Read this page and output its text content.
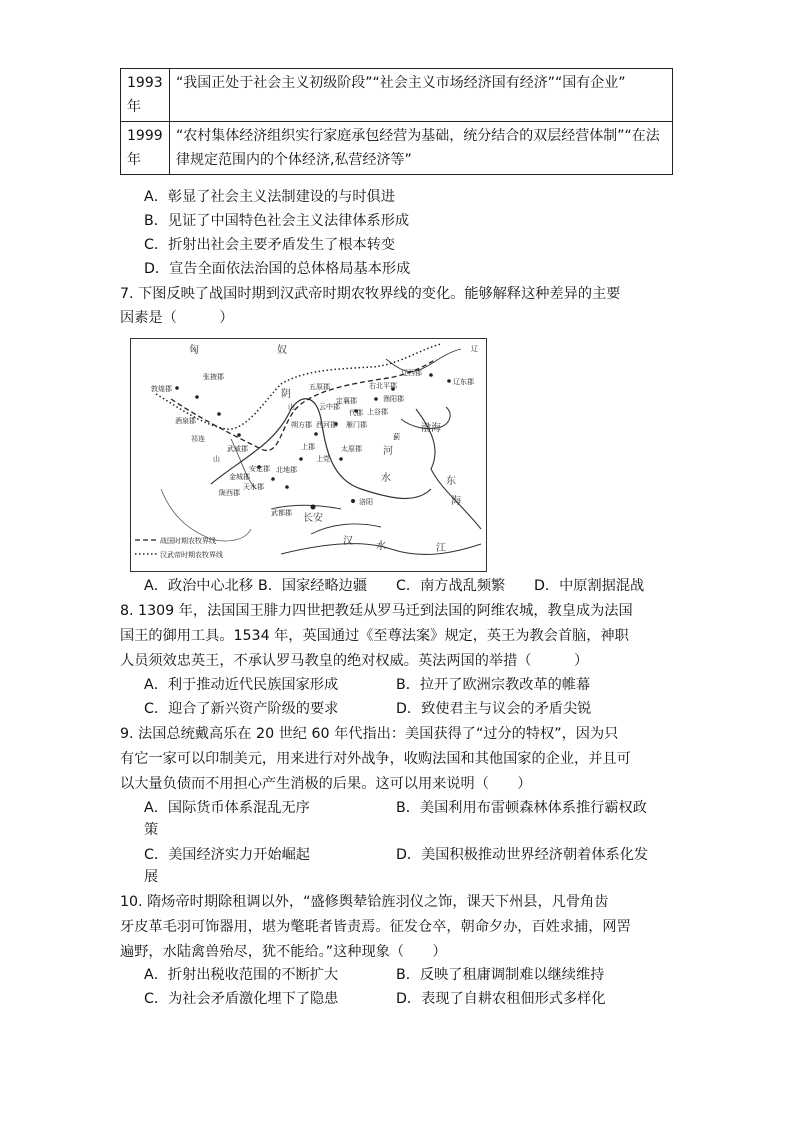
1993
年	“我国正处于社会主义初级阶段”“社会主义市场经济国有经济”“国有企业”
1999
年	“农村集体经济组织实行家庭承包经营为基础，统分结合的双层经营体制”“在法律规定范围内的个体经济,私营经济等”
A．彰显了社会主义法制建设的与时俱进
B．见证了中国特色社会主义法律体系形成
C．折射出社会主要矛盾发生了根本转变
D．宣告全面依法治国的总体格局基本形成
7. 下图反映了战国时期到汉武帝时期农牧界线的变化。能够解释这种差异的主要
因素是（　　　）
匈	奴	辽
辽西郡
辽东郡
右北平郡
渔阳郡
上谷郡
代郡
雁门郡
云中郡
定襄郡
五原郡
朔方郡 西河郡
阴
山
蓟
渤海
太原郡
上党
河
东
海
敦煌郡
酒泉郡
张掖郡
武威郡
金城郡
陇西郡
天水郡
安定郡 北地郡
上郡
祁连
山
武都郡 长安
洛阳
汉 水	江
水
战国时期农牧界线
汉武帝时期农牧界线
A．政治中心北移 B．国家经略边疆 C．南方战乱频繁 D．中原割据混战
8. 1309 年，法国国王腓力四世把教廷从罗马迁到法国的阿维农城，教皇成为法国
国王的御用工具。1534 年，英国通过《至尊法案》规定，英王为教会首脑，神职
人员须效忠英王，不承认罗马教皇的绝对权威。英法两国的举措（　　　）
A．利于推动近代民族国家形成	B．拉开了欧洲宗教改革的帷幕
C．迎合了新兴资产阶级的要求	D．致使君主与议会的矛盾尖锐
9. 法国总统戴高乐在 20 世纪 60 年代指出：美国获得了“过分的特权”，因为只
有它一家可以印制美元，用来进行对外战争，收购法国和其他国家的企业，并且可
以大量负债而不用担心产生消极的后果。这可以用来说明（　　）
A．国际货币体系混乱无序	B．美国利用布雷顿森林体系推行霸权政
策
C．美国经济实力开始崛起	D．美国积极推动世界经济朝着体系化发
展
10. 隋炀帝时期除租调以外，“盛修舆辇铪旌羽仪之饰，课天下州县，凡骨角齿
牙皮革毛羽可饰器用，堪为氅毦者皆责焉。征发仓卒，朝命夕办，百姓求捕，网罟
遍野，水陆禽兽殆尽，犹不能给。”这种现象（　　）
A．折射出税收范围的不断扩大	B．反映了租庸调制难以继续维持
C．为社会矛盾激化埋下了隐患	D．表现了自耕农租佃形式多样化
